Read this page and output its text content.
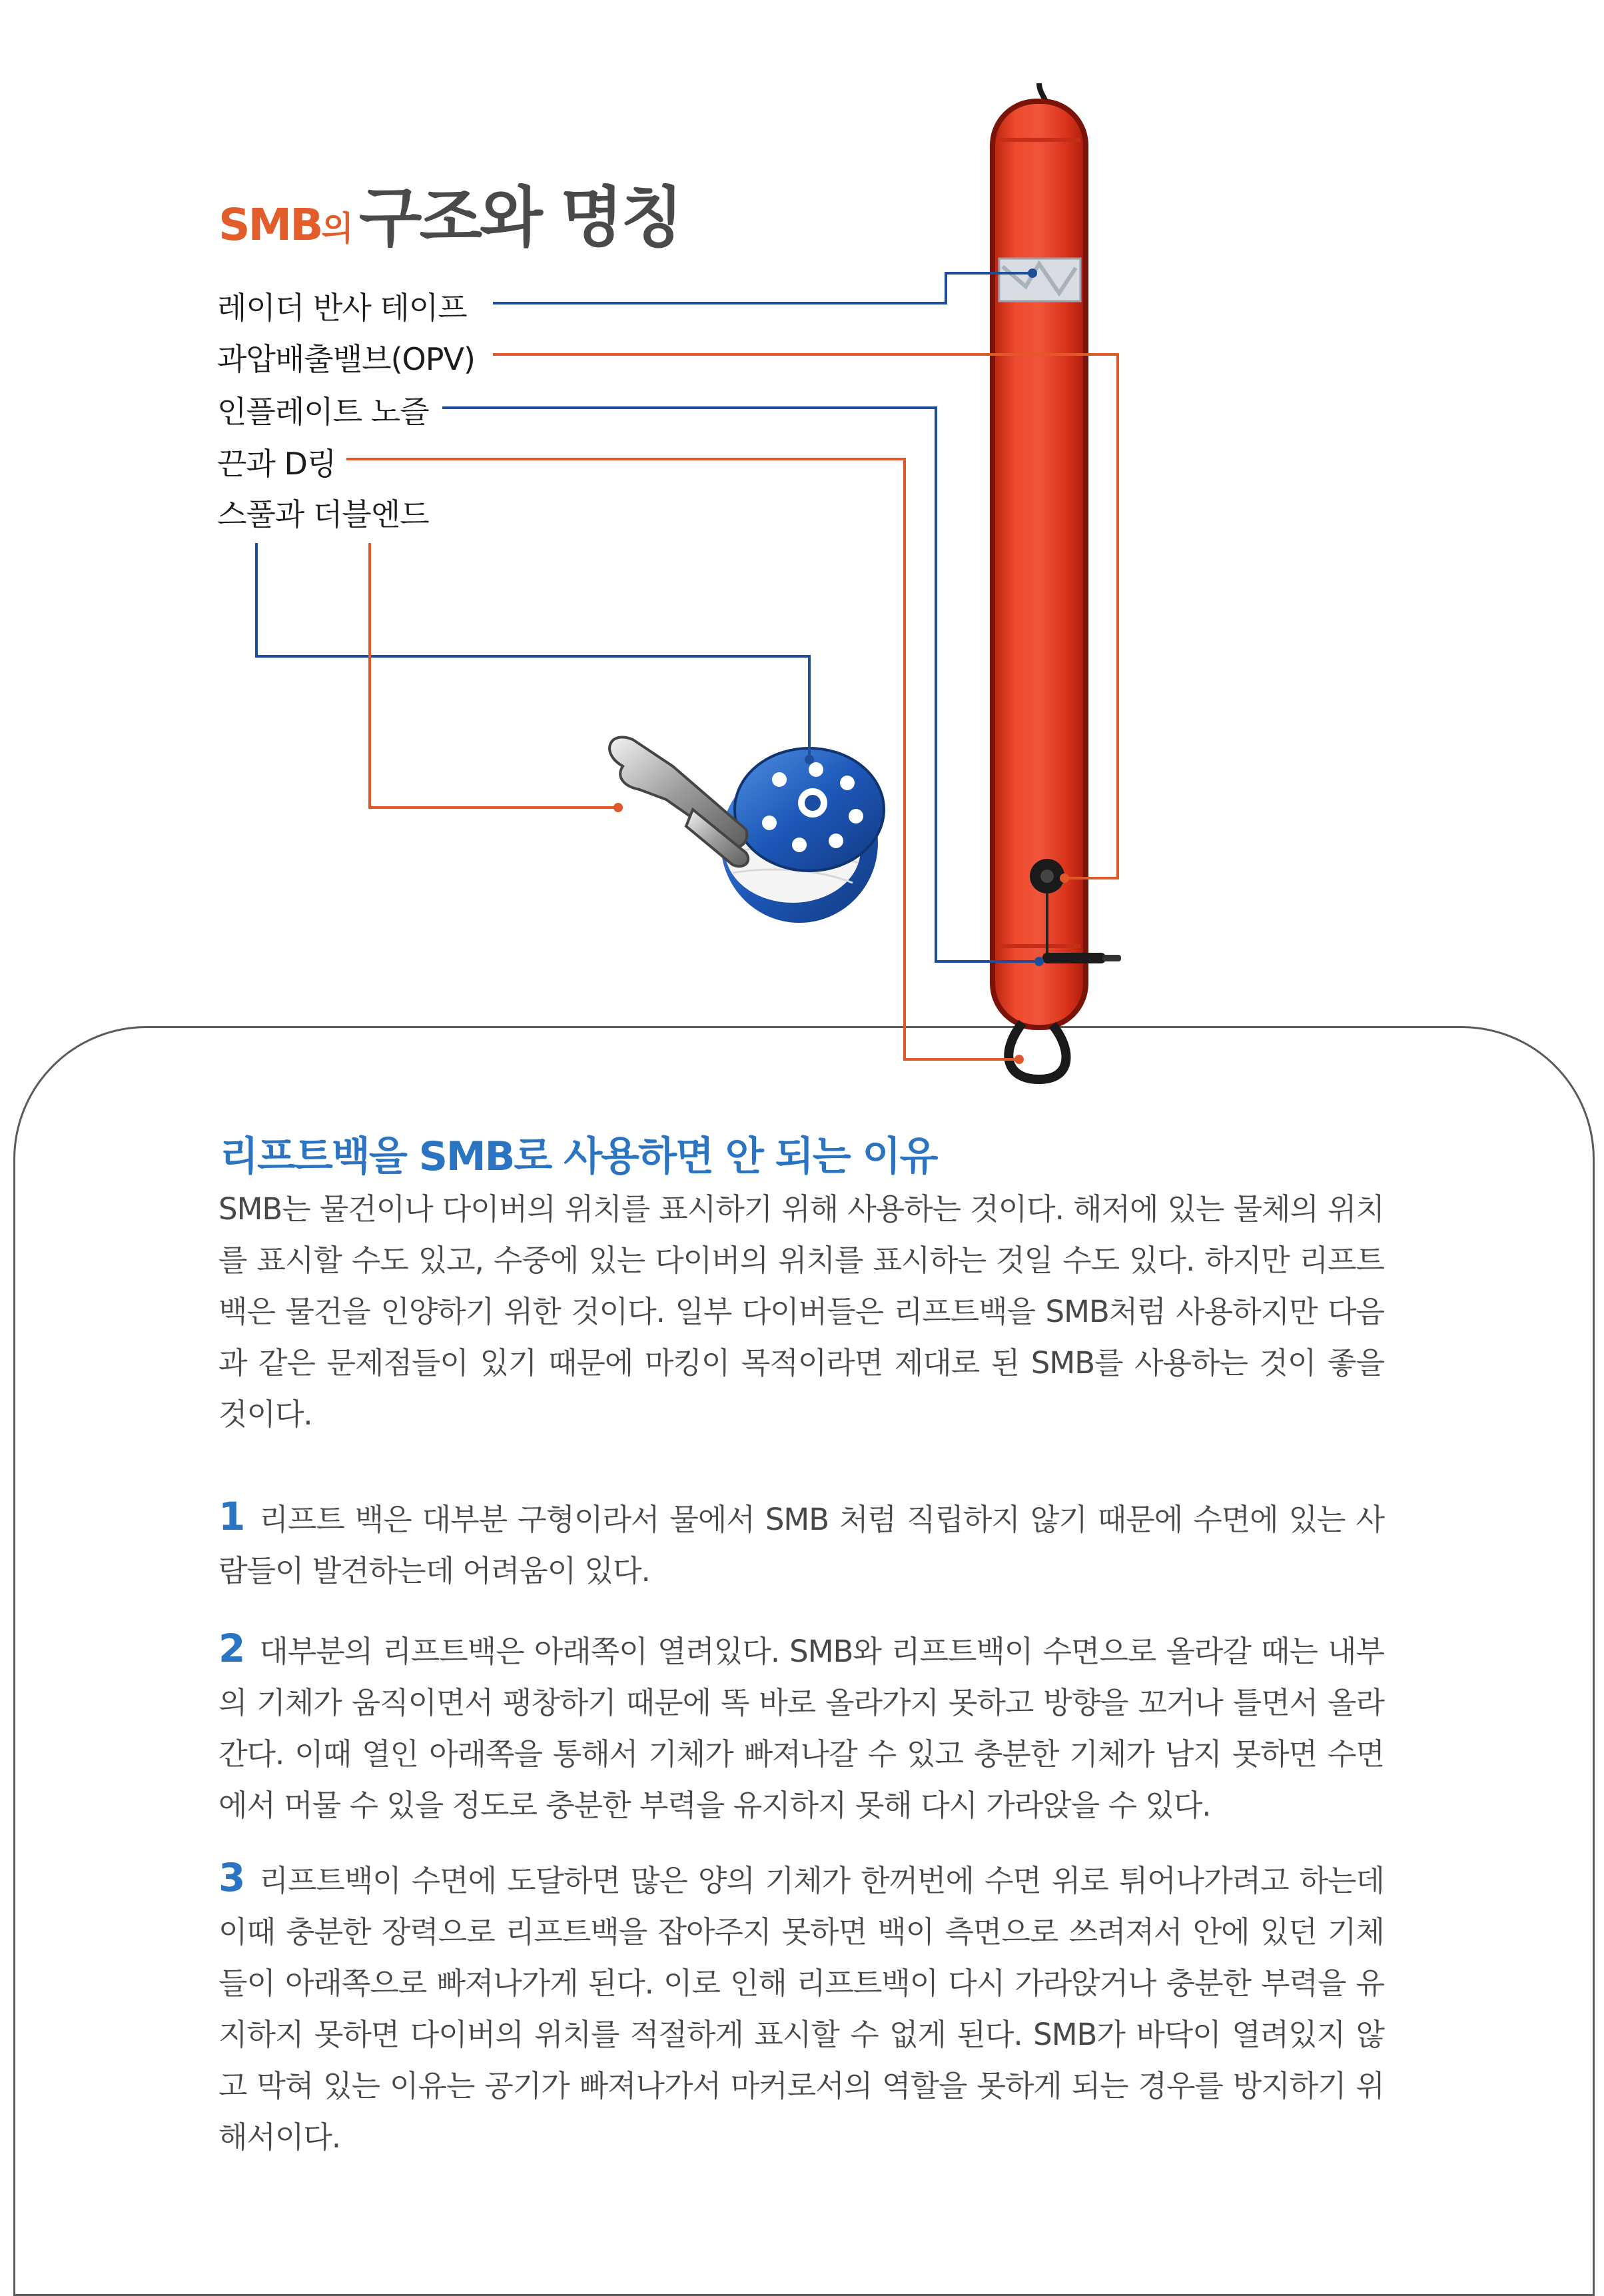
SMB의구조와 명칭
레이더 반사 테이프
과압배출밸브(OPV)
인플레이트 노즐
끈과 D링
스풀과 더블엔드
리프트백을 SMB로 사용하면 안 되는 이유

SMB는 물건이나 다이버의 위치를 표시하기 위해 사용하는 것이다. 해저에 있는 물체의 위치를 표시할 수도 있고, 수중에 있는 다이버의 위치를 표시하는 것일 수도 있다. 하지만 리프트백은 물건을 인양하기 위한 것이다. 일부 다이버들은 리프트백을 SMB처럼 사용하지만 다음과 같은 문제점들이 있기 때문에 마킹이 목적이라면 제대로 된 SMB를 사용하는 것이 좋을 것이다.

1 리프트 백은 대부분 구형이라서 물에서 SMB 처럼 직립하지 않기 때문에 수면에 있는 사람들이 발견하는데 어려움이 있다.

2 대부분의 리프트백은 아래쪽이 열려있다. SMB와 리프트백이 수면으로 올라갈 때는 내부의 기체가 움직이면서 팽창하기 때문에 똑 바로 올라가지 못하고 방향을 꼬거나 틀면서 올라간다. 이때 열인 아래쪽을 통해서 기체가 빠져나갈 수 있고 충분한 기체가 남지 못하면 수면에서 머물 수 있을 정도로 충분한 부력을 유지하지 못해 다시 가라앉을 수 있다.

3 리프트백이 수면에 도달하면 많은 양의 기체가 한꺼번에 수면 위로 튀어나가려고 하는데 이때 충분한 장력으로 리프트백을 잡아주지 못하면 백이 측면으로 쓰려져서 안에 있던 기체들이 아래쪽으로 빠져나가게 된다. 이로 인해 리프트백이 다시 가라앉거나 충분한 부력을 유지하지 못하면 다이버의 위치를 적절하게 표시할 수 없게 된다. SMB가 바닥이 열려있지 않고 막혀 있는 이유는 공기가 빠져나가서 마커로서의 역할을 못하게 되는 경우를 방지하기 위해서이다.
